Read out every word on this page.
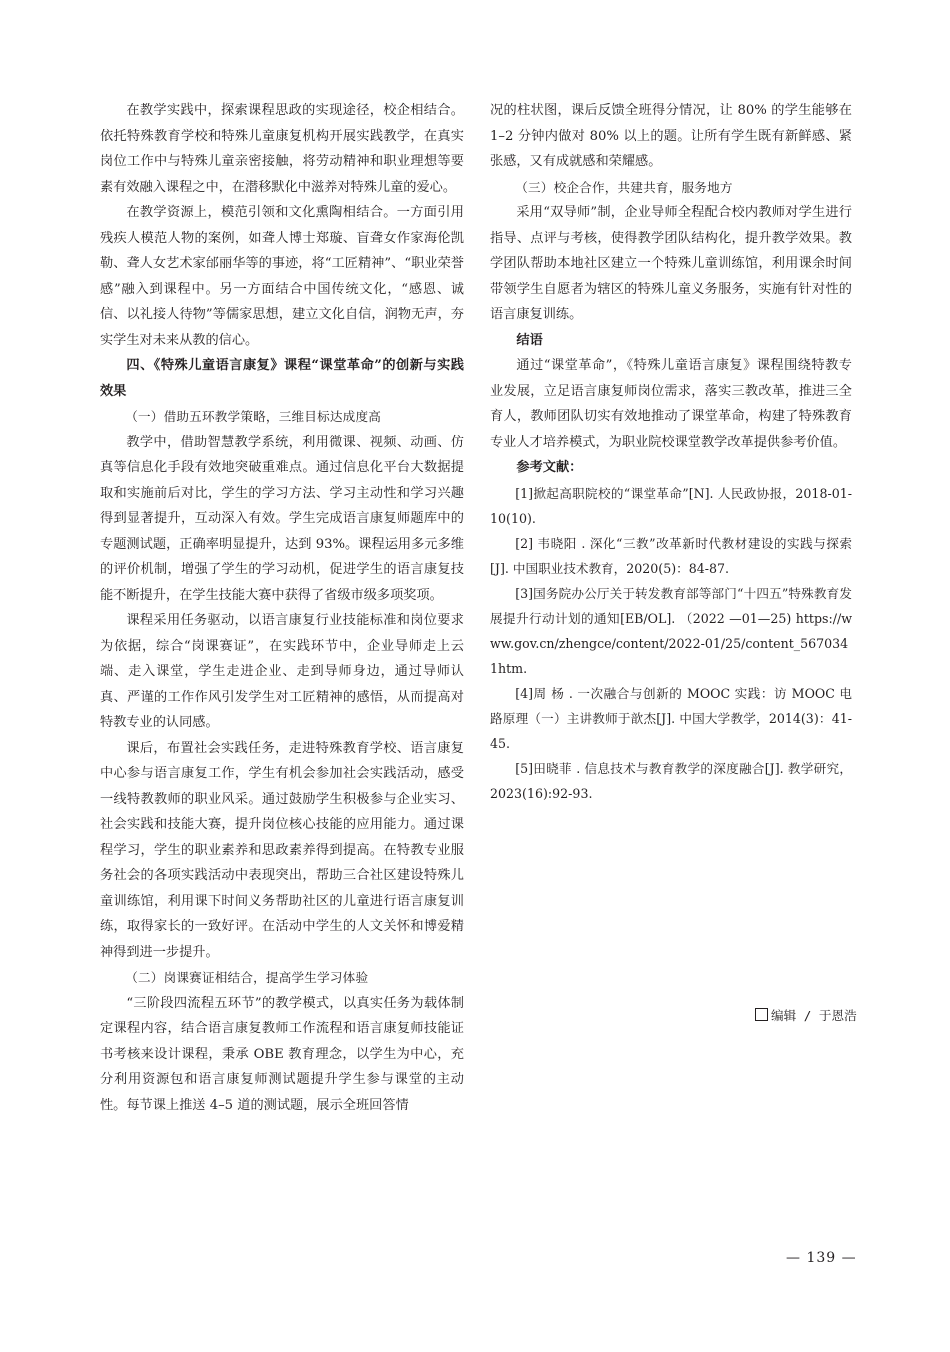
在教学实践中，探索课程思政的实现途径，校企相结合。依托特殊教育学校和特殊儿童康复机构开展实践教学，在真实岗位工作中与特殊儿童亲密接触，将劳动精神和职业理想等要素有效融入课程之中，在潜移默化中滋养对特殊儿童的爱心。

在教学资源上，模范引领和文化熏陶相结合。一方面引用残疾人模范人物的案例，如聋人博士郑璇、盲聋女作家海伦凯勒、聋人女艺术家邰丽华等的事迹，将“工匠精神”、“职业荣誉感”融入到课程中。另一方面结合中国传统文化，“感恩、诚信、以礼接人待物”等儒家思想，建立文化自信，润物无声，夯实学生对未来从教的信心。

四、《特殊儿童语言康复》课程“课堂革命”的创新与实践效果

（一）借助五环教学策略，三维目标达成度高

教学中，借助智慧教学系统，利用微课、视频、动画、仿真等信息化手段有效地突破重难点。通过信息化平台大数据提取和实施前后对比，学生的学习方法、学习主动性和学习兴趣得到显著提升，互动深入有效。学生完成语言康复师题库中的专题测试题，正确率明显提升，达到 93%。课程运用多元多维的评价机制，增强了学生的学习动机，促进学生的语言康复技能不断提升，在学生技能大赛中获得了省级市级多项奖项。

课程采用任务驱动，以语言康复行业技能标准和岗位要求为依据，综合“岗课赛证”，在实践环节中，企业导师走上云端、走入课堂，学生走进企业、走到导师身边，通过导师认真、严谨的工作作风引发学生对工匠精神的感悟，从而提高对特教专业的认同感。

课后，布置社会实践任务，走进特殊教育学校、语言康复中心参与语言康复工作，学生有机会参加社会实践活动，感受一线特教教师的职业风采。通过鼓励学生积极参与企业实习、社会实践和技能大赛，提升岗位核心技能的应用能力。通过课程学习，学生的职业素养和思政素养得到提高。在特教专业服务社会的各项实践活动中表现突出，帮助三合社区建设特殊儿童训练馆，利用课下时间义务帮助社区的儿童进行语言康复训练，取得家长的一致好评。在活动中学生的人文关怀和博爱精神得到进一步提升。

（二）岗课赛证相结合，提高学生学习体验

“三阶段四流程五环节”的教学模式，以真实任务为载体制定课程内容，结合语言康复教师工作流程和语言康复师技能证书考核来设计课程，秉承 OBE 教育理念，以学生为中心，充分利用资源包和语言康复师测试题提升学生参与课堂的主动性。每节课上推送 4–5 道的测试题，展示全班回答情

况的柱状图，课后反馈全班得分情况，让 80% 的学生能够在 1–2 分钟内做对 80% 以上的题。让所有学生既有新鲜感、紧张感，又有成就感和荣耀感。

（三）校企合作，共建共育，服务地方

采用“双导师”制，企业导师全程配合校内教师对学生进行指导、点评与考核，使得教学团队结构化，提升教学效果。教学团队帮助本地社区建立一个特殊儿童训练馆，利用课余时间带领学生自愿者为辖区的特殊儿童义务服务，实施有针对性的语言康复训练。

结语

通过“课堂革命”，《特殊儿童语言康复》课程围绕特教专业发展，立足语言康复师岗位需求，落实三教改革，推进三全育人，教师团队切实有效地推动了课堂革命，构建了特殊教育专业人才培养模式，为职业院校课堂教学改革提供参考价值。

参考文献：

[1]掀起高职院校的“课堂革命”[N]. 人民政协报，2018-01-10(10).

[2] 韦晓阳 . 深化“三教”改革新时代教材建设的实践与探索 [J]. 中国职业技术教育，2020(5)：84-87.

[3]国务院办公厅关于转发教育部等部门“十四五”特殊教育发展提升行动计划的通知[EB/OL]. （2022 —01—25) https://www.gov.cn/zhengce/content/2022-01/25/content_5670341htm.

[4]周 杨 . 一次融合与创新的 MOOC 实践：访 MOOC 电路原理（一）主讲教师于歆杰[J]. 中国大学教学，2014(3)：41-45.

[5]田晓菲 . 信息技术与教育教学的深度融合[J]. 教学研究，2023(16):92-93.

编辑 / 于恩浩
— 139 —
